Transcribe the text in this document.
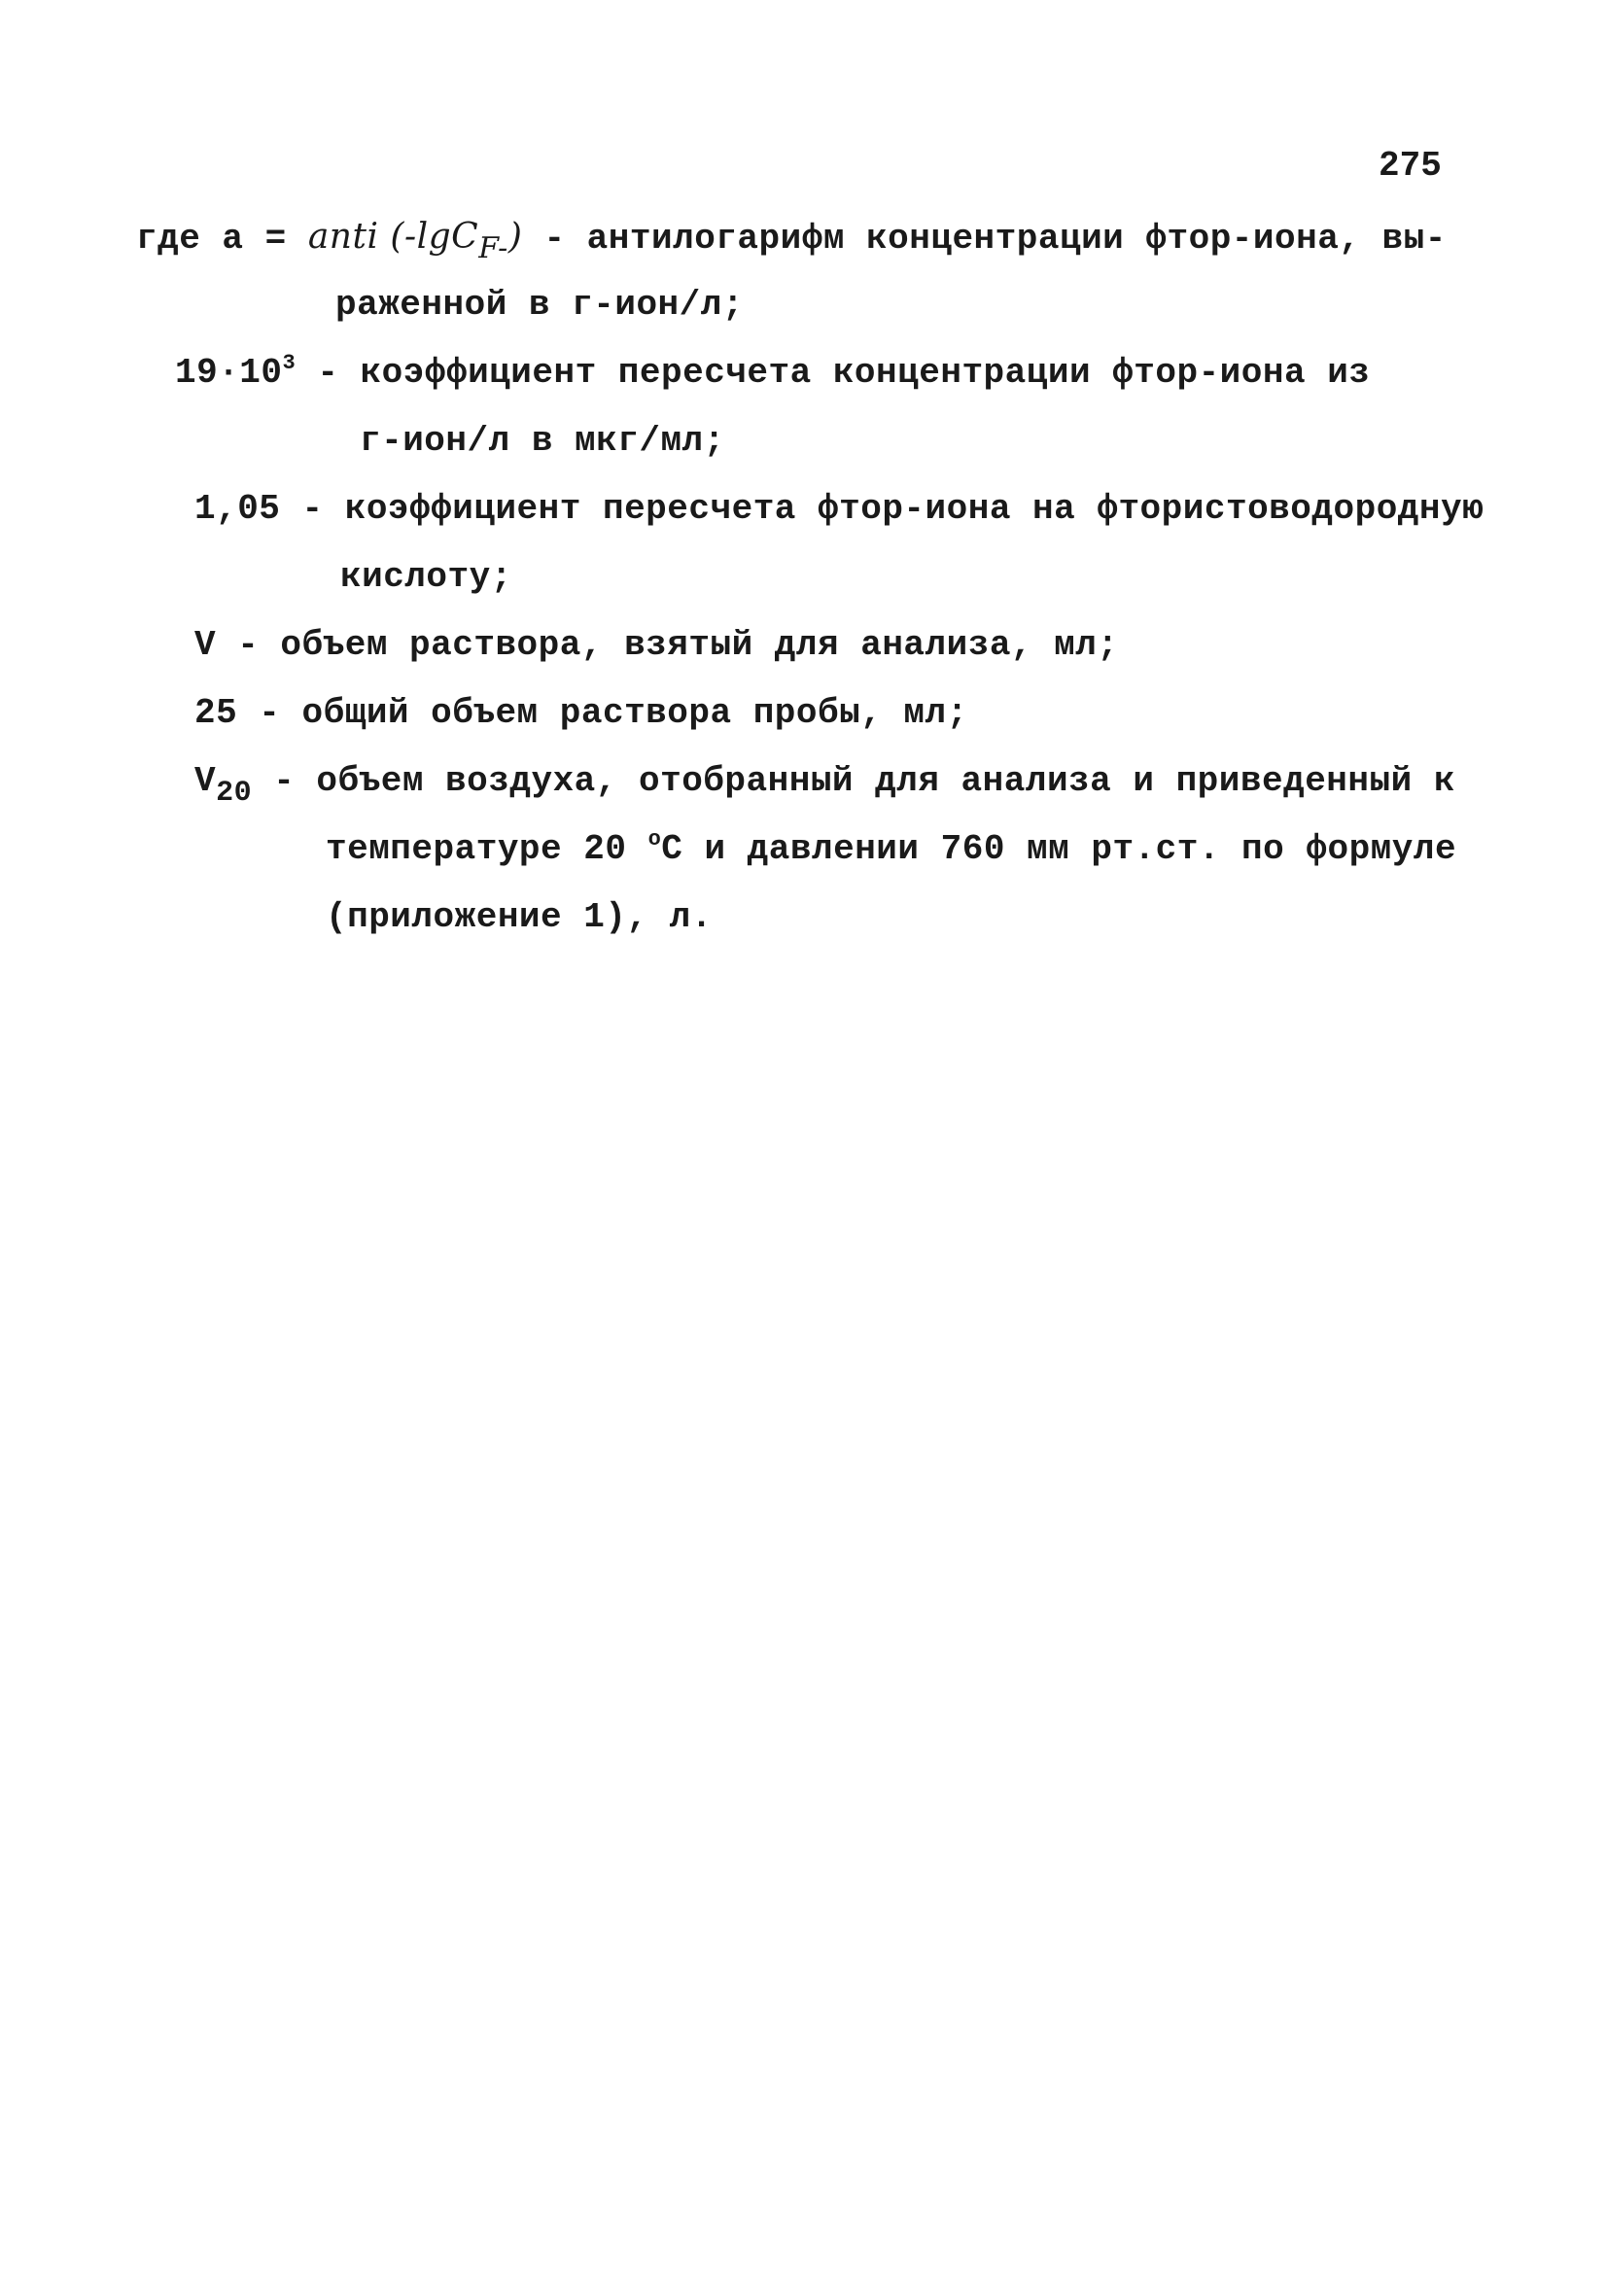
275
где а = anti (-lgC$_{F-}$) - антилогарифм концентрации фтор-иона, вы-
раженной в г-ион/л;
$19\cdot 10^3$ - коэффициент пересчета концентрации фтор-иона из
г-ион/л в мкг/мл;
1,05 - коэффициент пересчета фтор-иона на фтористоводородную
кислоту;
V - объем раствора, взятый для анализа, мл;
25 - общий объем раствора пробы, мл;
$V_{20}$ - объем воздуха, отобранный для анализа и приведенный к
температуре 20 $^о$С и давлении 760 мм рт.ст. по формуле
(приложение 1), л.
